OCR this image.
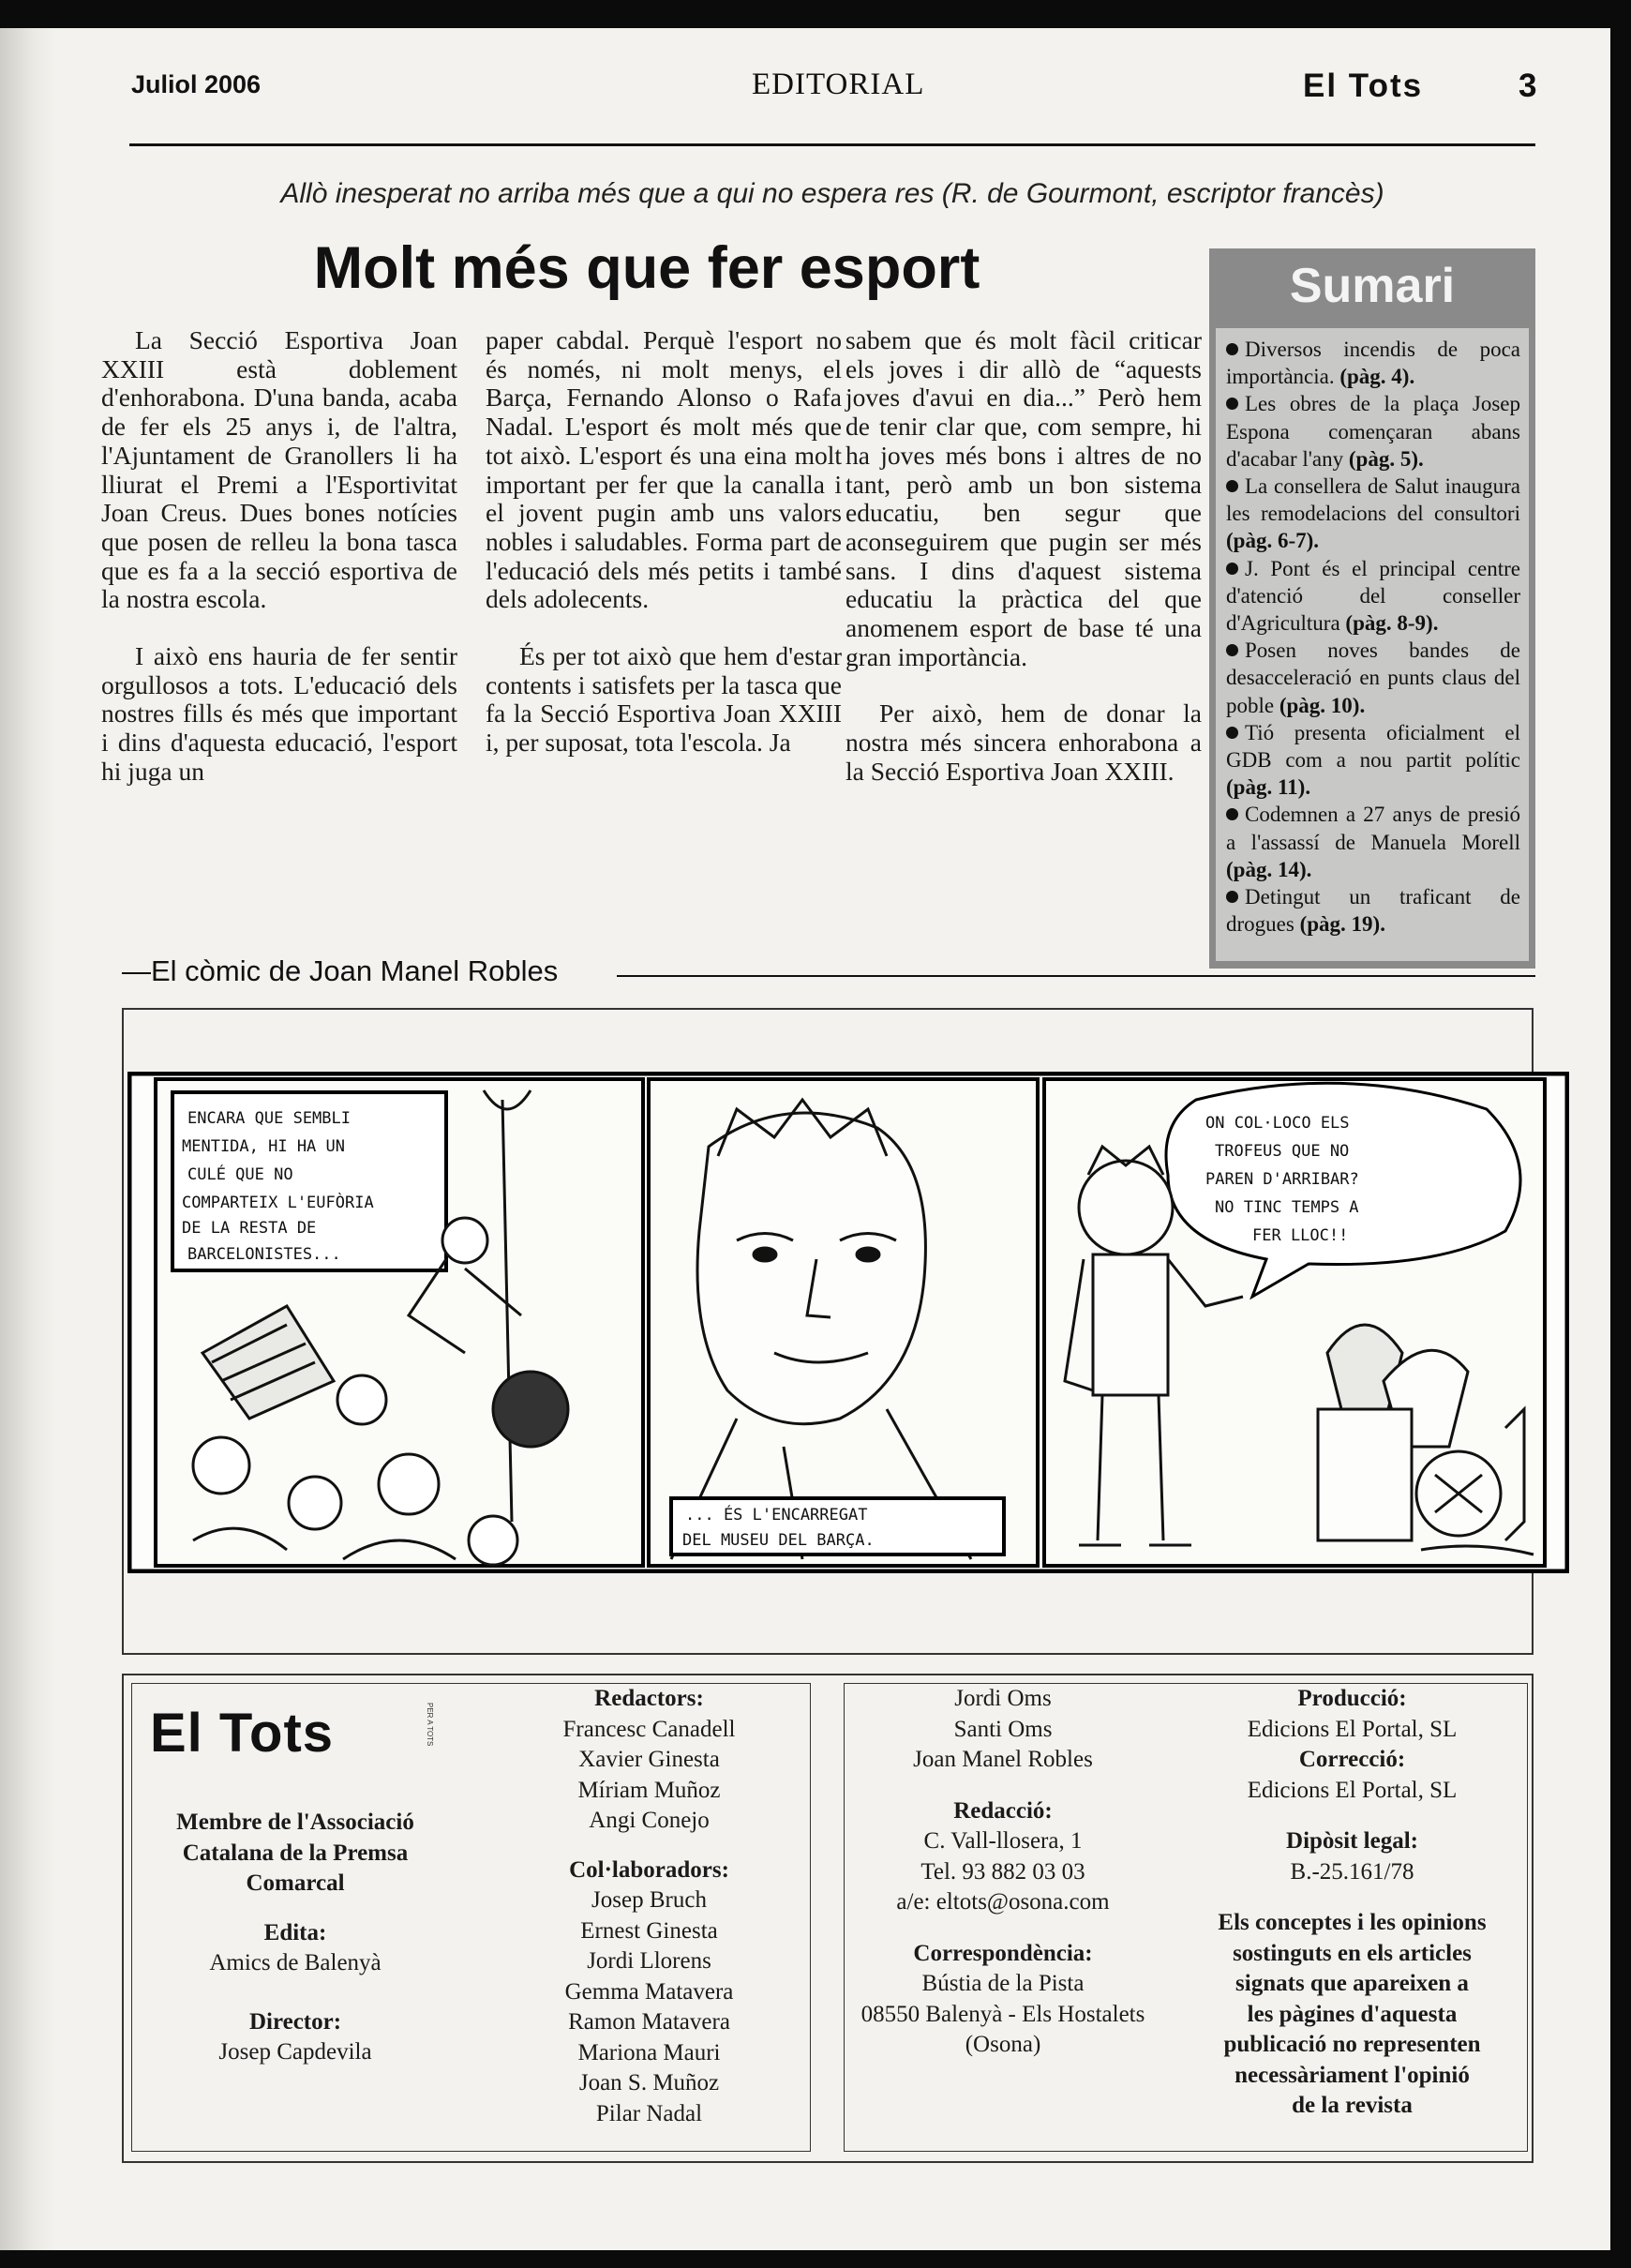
Juliol 2006	EDITORIAL	El Tots	3
Allò inesperat no arriba més que a qui no espera res (R. de Gourmont, escriptor francès)
Molt més que fer esport

La Secció Esportiva Joan XXIII està doblement d'enhorabona. D'una banda, acaba de fer els 25 anys i, de l'altra, l'Ajuntament de Granollers li ha lliurat el Premi a l'Esportivitat Joan Creus. Dues bones notícies que posen de relleu la bona tasca que es fa a la secció esportiva de la nostra escola.

I això ens hauria de fer sentir orgullosos a tots. L'educació dels nostres fills és més que important i dins d'aquesta educació, l'esport hi juga un

paper cabdal. Perquè l'esport no és només, ni molt menys, el Barça, Fernando Alonso o Rafa Nadal. L'esport és molt més que tot això. L'esport és una eina molt important per fer que la canalla i el jovent pugin amb uns valors nobles i saludables. Forma part de l'educació dels més petits i també dels adolecents.

És per tot això que hem d'estar contents i satisfets per la tasca que fa la Secció Esportiva Joan XXIII i, per suposat, tota l'escola. Ja

sabem que és molt fàcil criticar els joves i dir allò de “aquests joves d'avui en dia...” Però hem de tenir clar que, com sempre, hi ha joves més bons i altres de no tant, però amb un bon sistema educatiu, ben segur que aconseguirem que pugin ser més sans. I dins d'aquest sistema educatiu la pràctica del que anomenem esport de base té una gran importància.

Per això, hem de donar la nostra més sincera enhorabona a la Secció Esportiva Joan XXIII.

Sumari

Diversos incendis de poca importància. (pàg. 4).

Les obres de la plaça Josep Espona començaran abans d'acabar l'any (pàg. 5).

La consellera de Salut inaugura les remodelacions del consultori (pàg. 6-7).

J. Pont és el principal centre d'atenció del conseller d'Agricultura (pàg. 8-9).

Posen noves bandes de desacceleració en punts claus del poble (pàg. 10).

Tió presenta oficialment el GDB com a nou partit polític (pàg. 11).

Codemnen a 27 anys de presió a l'assassí de Manuela Morell (pàg. 14).

Detingut un traficant de drogues (pàg. 19).

—El còmic de Joan Manel Robles
ENCARA QUE SEMBLI
MENTIDA, HI HA UN
CULÉ QUE NO
COMPARTEIX L'EUFÒRIA
DE LA RESTA DE
BARCELONISTES...
... ÉS L'ENCARREGAT
DEL MUSEU DEL BARÇA.
ON COL·LOCO ELS
TROFEUS QUE NO
PAREN D'ARRIBAR?
NO TINC TEMPS A
FER LLOC!!
El Tots	PER A TOTS
Membre de l'Associació
Catalana de la Premsa
Comarcal
Edita:
Amics de Balenyà
Director:
Josep Capdevila
Redactors:
Francesc Canadell
Xavier Ginesta
Míriam Muñoz
Angi Conejo
Col·laboradors:
Josep Bruch
Ernest Ginesta
Jordi Llorens
Gemma Matavera
Ramon Matavera
Mariona Mauri
Joan S. Muñoz
Pilar Nadal
Jordi Oms
Santi Oms
Joan Manel Robles
Redacció:
C. Vall-llosera, 1
Tel. 93 882 03 03
a/e: eltots@osona.com
Correspondència:
Bústia de la Pista
08550 Balenyà - Els Hostalets
(Osona)
Producció:
Edicions El Portal, SL
Correcció:
Edicions El Portal, SL
Dipòsit legal:
B.-25.161/78
Els conceptes i les opinions
sostinguts en els articles
signats que apareixen a
les pàgines d'aquesta
publicació no representen
necessàriament l'opinió
de la revista
